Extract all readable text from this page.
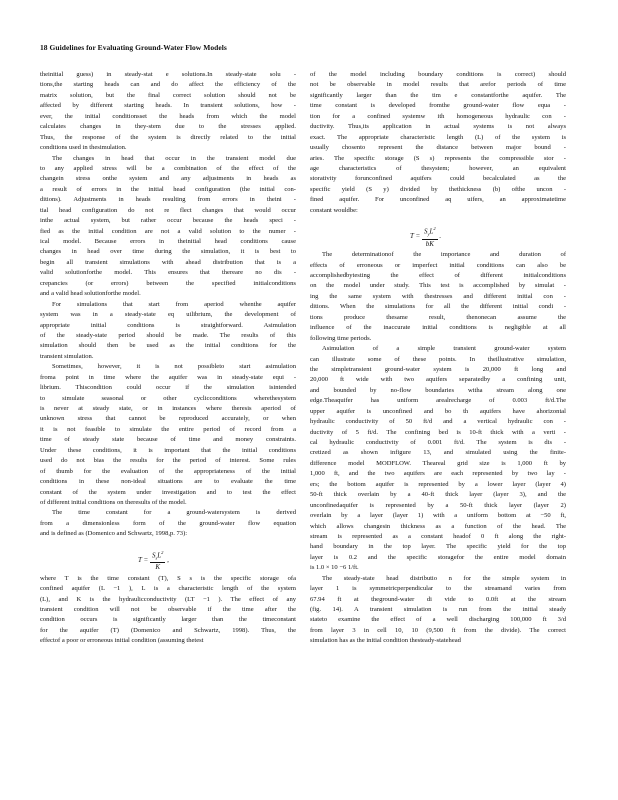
18 Guidelines for Evaluating Ground-Water Flow Models
theinitial guess) in steady-stat e solutions.In steady-state solu -
tions,the starting heads can and do affect the efficiency of the
matrix solution, but the final correct solution should not be
affected by different starting heads. In transient solutions, how -
ever, the initial conditionsset the heads from which the model
calculates changes in they-stem due to the stresses applied.
Thus, the response of the system is directly related to the initial
conditions used in thesimulation.
The changes in head that occur in the transient model due
to any applied stress will be a combination of the effect of the
changein stress onthe system and any adjustments in heads as
a result of errors in the initial head configuration (the initial con-
ditions). Adjustments in heads resulting from errors in theini -
tial head configuration do not re flect changes that would occur
inthe actual system, but rather occur because the heads speci -
fied as the initial condition are not a valid solution to the numer -
ical model. Because errors in theinitial head conditions cause
changes in head over time during the simulation, it is best to
begin all transient simulations with ahead distribution that is a
valid solutionforthe model. This ensures that thereare no dis -
crepancies (or errors) between the specified initialconditions
and a valid head solutionforthe model.
For simulations that start from aperiod whenthe aquifer
system was in a steady-state eq uilibrium, the development of
appropriate initial conditions is straightforward. Asimulation
of the steady-state period should be made. The results of this
simulation should then be used as the initial conditions for the
transient simulation.
Sometimes, however, it is not possibleto start asimulation
froma point in time where the aquifer was in steady-state equi -
librium. Thiscondition could occur if the simulation isintended
to simulate seasonal or other cyclicconditions wherethesystem
is never at steady state, or in instances where theresis aperiod of
unknown stress that cannot be reproduced accurately, or when
it is not feasible to simulate the entire period of record from a
time of steady state because of time and money constraints.
Under these conditions, it is important that the initial conditions
used do not bias the results for the period of interest. Some rules
of thumb for the evaluation of the appropriateness of the initial
conditions in these non-ideal situations are to evaluate the time
constant of the system under investigation and to test the effect
of different initial conditions on theresults of the model.
The time constant for a ground-watersystem is derived
from a dimensionless form of the ground-water flow equation
and is defined as (Domenico and Schwartz, 1998,p. 73):
$T = \frac{S_sL^2}{K}$ ,
where T is the time constant (T), S s is the specific storage ofa
confined aquifer (L −1 ), L is a characteristic length of the system
(L), and K is the hydraulicconductivity (LT −1 ). The effect of any
transient condition will not be observable if the time after the
condition occurs is significantly larger than the timeconstant
for the aquifer (T) (Domenico and Schwartz, 1998). Thus, the
effectof a poor or erroneous initial condition (assuming thetest
of the model including boundary conditions is correct) should
not be observable in model results that arefor periods of time
significantly larger than the tim e constantforthe aquifer. The
time constant is developed fromthe ground-water flow equa -
tion for a confined systemw ith homogeneous hydraulic con -
ductivity. Thus,its application in actual systems is not always
exact. The appropriate characteristic length (L) of the system is
usually chosento represent the distance between major bound -
aries. The specific storage (S s) represents the compressible stor -
age characteristics of thesystem; however, an equivalent
storativity forunconfined aquifers could becalculated as the
specific yield (S y) divided by thethickness (b) ofthe uncon -
fined aquifer. For unconfined aq uifers, an approximatetime
constant wouldbe:
$T = \frac{S_yL^2}{bK}$ .
The determinationof the importance and duration of
effects of erroneous or imperfect initial conditions can also be
accomplishedbytesting the effect of different initialconditions
on the model under study. This test is accomplished by simulat -
ing the same system with thestresses and different initial con -
ditions. When the simulations for all the different initial condi -
tions produce thesame result, thenonecan assume the
influence of the inaccurate initial conditions is negligible at all
following time periods.
Asimulation of a simple transient ground-water system
can illustrate some of these points. In theillustrative simulation,
the simpletransient ground-water system is 20,000 ft long and
20,000 ft wide with two aquifers separatedby a confining unit,
and bounded by no-flow boundaries witha stream along one
edge.Theaquifer has uniform arealrecharge of 0.003 ft/d.The
upper aquifer is unconfined and bo th aquifers have ahorizontal
hydraulic conductivity of 50 ft/d and a vertical hydraulic con -
ductivity of 5 ft/d. The confining bed is 10-ft thick with a verti -
cal hydraulic conductivity of 0.001 ft/d. The system is dis -
cretized as shown infigure 13, and simulated using the finite-
difference model MODFLOW. Theareal grid size is 1,000 ft by
1,000 ft, and the two aquifers are each represented by two lay -
ers; the bottom aquifer is represented by a lower layer (layer 4)
50-ft thick overlain by a 40-ft thick layer (layer 3), and the
unconfinedaquifer is represented by a 50-ft thick layer (layer 2)
overlain by a layer (layer 1) with a uniform bottom at −50 ft,
which allows changesin thickness as a function of the head. The
stream is represented as a constant headof 0 ft along the right-
hand boundary in the top layer. The specific yield for the top
layer is 0.2 and the specific storagefor the entire model domain
is 1.0 × 10 −6 1/ft.
The steady-state head distributio n for the simple system in
layer 1 is symmetricperpendicular to the streamand varies from
67.94 ft at theground-water di vide to 0.0ft at the stream
(fig. 14). A transient simulation is run from the initial steady
stateto examine the effect of a well discharging 100,000 ft 3/d
from layer 3 in cell 10, 10 (9,500 ft from the divide). The correct
simulation has as the initial condition thesteady-statehead
